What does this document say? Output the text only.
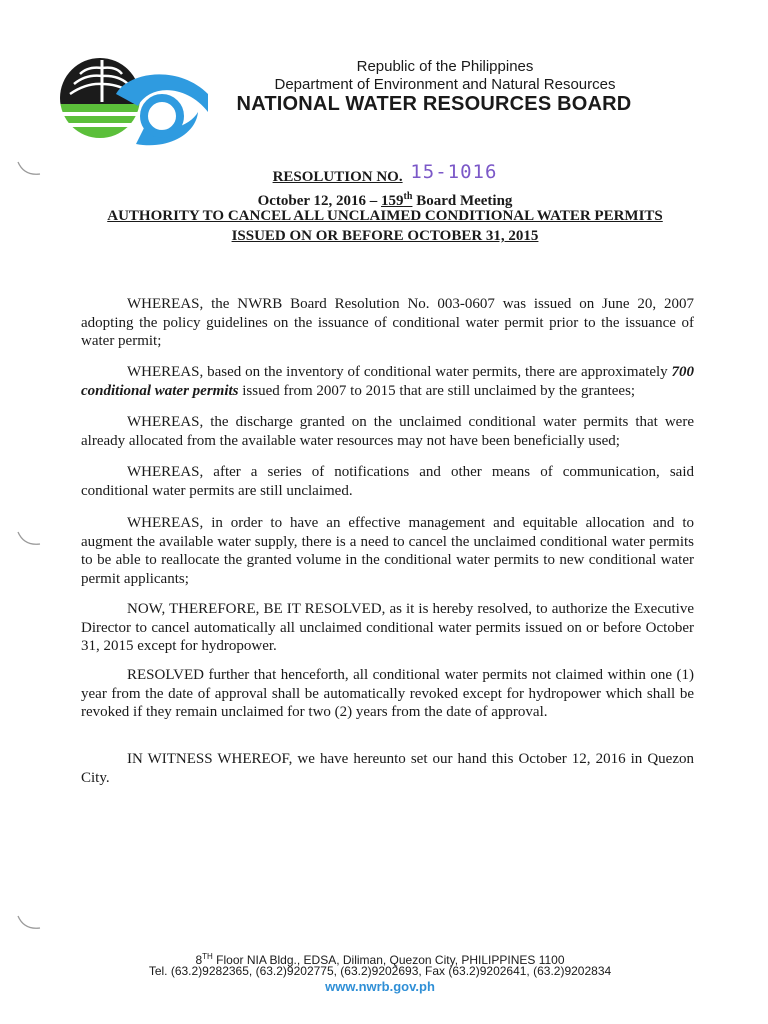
Republic of the Philippines
Department of Environment and Natural Resources
NATIONAL WATER RESOURCES BOARD
RESOLUTION NO. 15-1016
October 12, 2016 – 159th Board Meeting
AUTHORITY TO CANCEL ALL UNCLAIMED CONDITIONAL WATER PERMITS
ISSUED ON OR BEFORE OCTOBER 31, 2015

WHEREAS, the NWRB Board Resolution No. 003-0607 was issued on June 20, 2007 adopting the policy guidelines on the issuance of conditional water permit prior to the issuance of water permit;

WHEREAS, based on the inventory of conditional water permits, there are approximately 700 conditional water permits issued from 2007 to 2015 that are still unclaimed by the grantees;

WHEREAS, the discharge granted on the unclaimed conditional water permits that were already allocated from the available water resources may not have been beneficially used;

WHEREAS, after a series of notifications and other means of communication, said conditional water permits are still unclaimed.

WHEREAS, in order to have an effective management and equitable allocation and to augment the available water supply, there is a need to cancel the unclaimed conditional water permits to be able to reallocate the granted volume in the conditional water permits to new conditional water permit applicants;

NOW, THEREFORE, BE IT RESOLVED, as it is hereby resolved, to authorize the Executive Director to cancel automatically all unclaimed conditional water permits issued on or before October 31, 2015 except for hydropower.

RESOLVED further that henceforth, all conditional water permits not claimed within one (1) year from the date of approval shall be automatically revoked except for hydropower which shall be revoked if they remain unclaimed for two (2) years from the date of approval.

IN WITNESS WHEREOF, we have hereunto set our hand this October 12, 2016 in Quezon City.

8TH Floor NIA Bldg., EDSA, Diliman, Quezon City, PHILIPPINES 1100
Tel. (63.2)9282365, (63.2)9202775, (63.2)9202693, Fax (63.2)9202641, (63.2)9202834
www.nwrb.gov.ph
